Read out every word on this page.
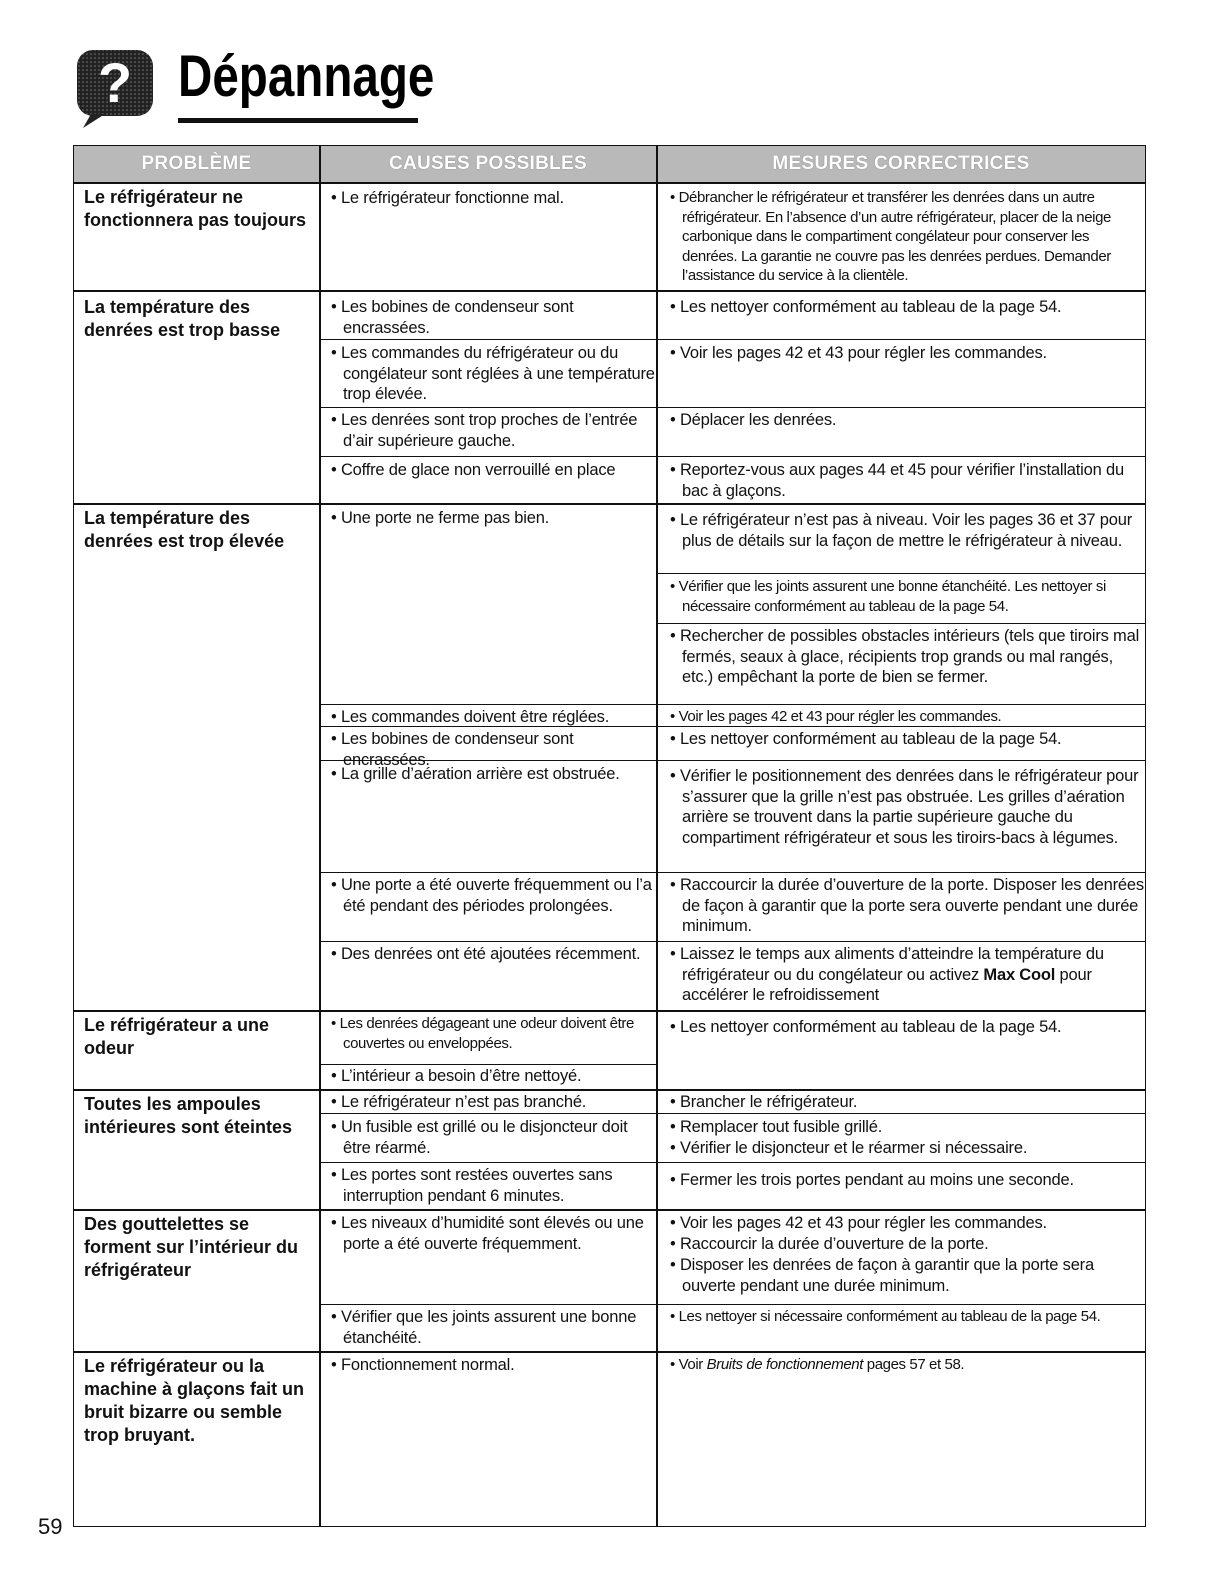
? Dépannage
PROBLÈME	CAUSES POSSIBLES	MESURES CORRECTRICES
Le réfrigérateur ne fonctionnera pas toujours
La température des denrées est trop basse
La température des denrées est trop élevée
Le réfrigérateur a une odeur
Toutes les ampoules intérieures sont éteintes
Des gouttelettes se forment sur l’intérieur du réfrigérateur
Le réfrigérateur ou la machine à glaçons fait un bruit bizarre ou semble trop bruyant.
• Le réfrigérateur fonctionne mal.
• Les bobines de condenseur sont encrassées.
• Les commandes du réfrigérateur ou du congélateur sont réglées à une température trop élevée.
• Les denrées sont trop proches de l’entrée d’air supérieure gauche.
• Coffre de glace non verrouillé en place
• Une porte ne ferme pas bien.
• Les commandes doivent être réglées.
• Les bobines de condenseur sont encrassées.
• La grille d’aération arrière est obstruée.
• Une porte a été ouverte fréquemment ou l’a été pendant des périodes prolongées.
• Des denrées ont été ajoutées récemment.
• Les denrées dégageant une odeur doivent être couvertes ou enveloppées.
• L’intérieur a besoin d’être nettoyé.
• Le réfrigérateur n’est pas branché.
• Un fusible est grillé ou le disjoncteur doit être réarmé.
• Les portes sont restées ouvertes sans interruption pendant 6 minutes.
• Les niveaux d’humidité sont élevés ou une porte a été ouverte fréquemment.
• Vérifier que les joints assurent une bonne étanchéité.
• Fonctionnement normal.
• Débrancher le réfrigérateur et transférer les denrées dans un autre réfrigérateur. En l’absence d’un autre réfrigérateur, placer de la neige carbonique dans le compartiment congélateur pour conserver les denrées. La garantie ne couvre pas les denrées perdues. Demander l’assistance du service à la clientèle.
• Les nettoyer conformément au tableau de la page 54.
• Voir les pages 42 et 43 pour régler les commandes.
• Déplacer les denrées.
• Reportez-vous aux pages 44 et 45 pour vérifier l’installation du bac à glaçons.
• Le réfrigérateur n’est pas à niveau. Voir les pages 36 et 37 pour plus de détails sur la façon de mettre le réfrigérateur à niveau.
• Vérifier que les joints assurent une bonne étanchéité. Les nettoyer si nécessaire conformément au tableau de la page 54.
• Rechercher de possibles obstacles intérieurs (tels que tiroirs mal fermés, seaux à glace, récipients trop grands ou mal rangés, etc.) empêchant la porte de bien se fermer.
• Voir les pages 42 et 43 pour régler les commandes.
• Les nettoyer conformément au tableau de la page 54.
• Vérifier le positionnement des denrées dans le réfrigérateur pour s’assurer que la grille n’est pas obstruée. Les grilles d’aération arrière se trouvent dans la partie supérieure gauche du compartiment réfrigérateur et sous les tiroirs-bacs à légumes.
• Raccourcir la durée d’ouverture de la porte. Disposer les denrées de façon à garantir que la porte sera ouverte pendant une durée minimum.
• Laissez le temps aux aliments d’atteindre la température du réfrigérateur ou du congélateur ou activez Max Cool pour accélérer le refroidissement
• Les nettoyer conformément au tableau de la page 54.
• Brancher le réfrigérateur.
• Remplacer tout fusible grillé.
• Vérifier le disjoncteur et le réarmer si nécessaire.
• Fermer les trois portes pendant au moins une seconde.
• Voir les pages 42 et 43 pour régler les commandes.
• Raccourcir la durée d’ouverture de la porte.
• Disposer les denrées de façon à garantir que la porte sera ouverte pendant une durée minimum.
• Les nettoyer si nécessaire conformément au tableau de la page 54.
• Voir Bruits de fonctionnement pages 57 et 58.
59
